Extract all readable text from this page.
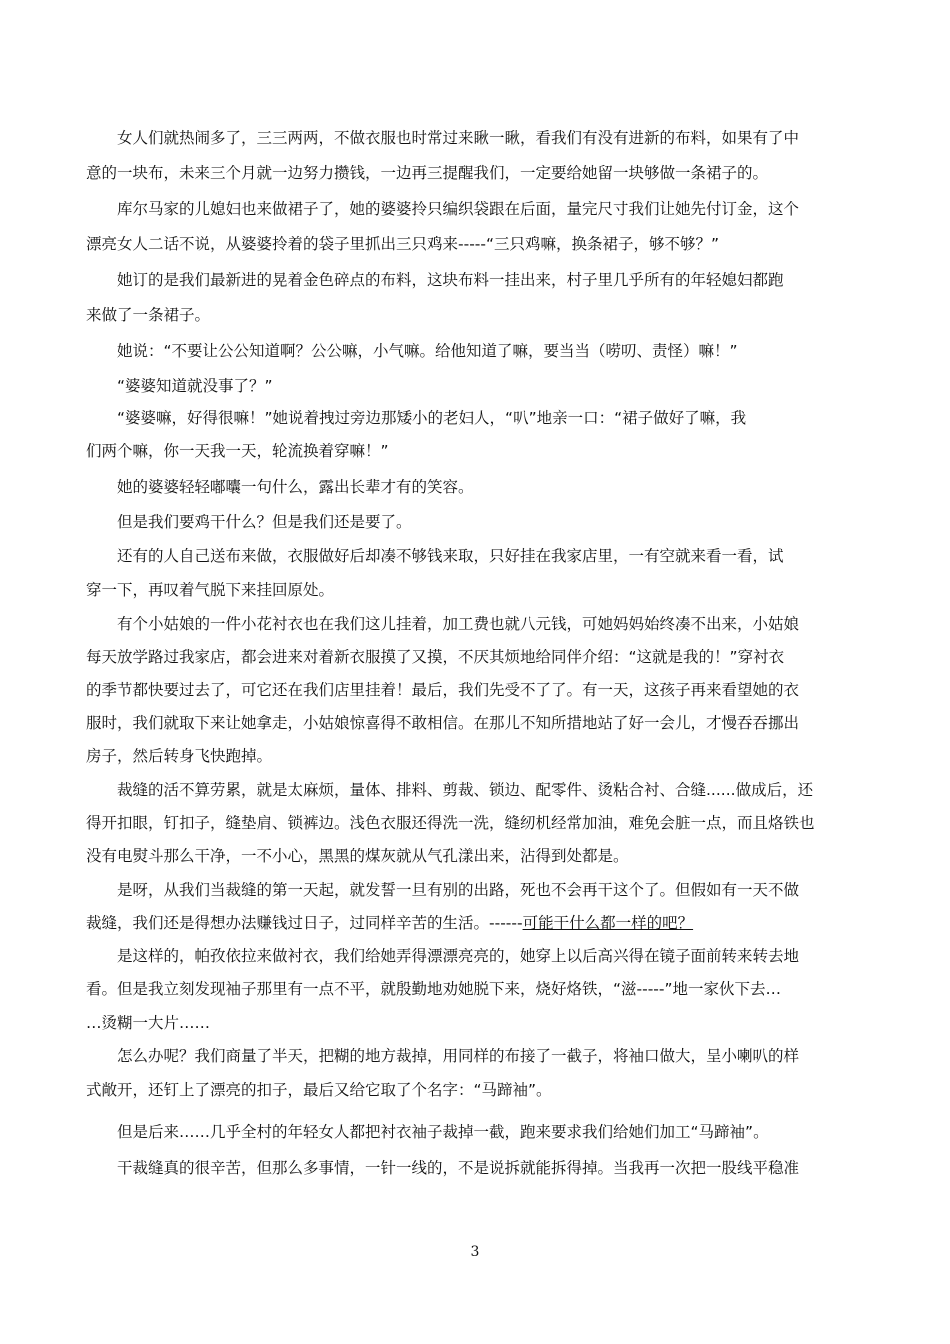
　　女人们就热闹多了，三三两两，不做衣服也时常过来瞅一瞅，看我们有没有进新的布料，如果有了中
意的一块布，未来三个月就一边努力攒钱，一边再三提醒我们，一定要给她留一块够做一条裙子的。
　　库尔马家的儿媳妇也来做裙子了，她的婆婆拎只编织袋跟在后面，量完尺寸我们让她先付订金，这个
漂亮女人二话不说，从婆婆拎着的袋子里抓出三只鸡来-----“三只鸡嘛，换条裙子，够不够？”
　　她订的是我们最新进的晃着金色碎点的布料，这块布料一挂出来，村子里几乎所有的年轻媳妇都跑
来做了一条裙子。
　　她说：“不要让公公知道啊？公公嘛，小气嘛。给他知道了嘛，要当当（唠叨、责怪）嘛！”
　　“婆婆知道就没事了？”
　　“婆婆嘛，好得很嘛！”她说着拽过旁边那矮小的老妇人，“叭”地亲一口：“裙子做好了嘛，我
们两个嘛，你一天我一天，轮流换着穿嘛！”
　　她的婆婆轻轻嘟囔一句什么，露出长辈才有的笑容。
　　但是我们要鸡干什么？但是我们还是要了。
　　还有的人自己送布来做，衣服做好后却凑不够钱来取，只好挂在我家店里，一有空就来看一看，试
穿一下，再叹着气脱下来挂回原处。
　　有个小姑娘的一件小花衬衣也在我们这儿挂着，加工费也就八元钱，可她妈妈始终凑不出来，小姑娘
每天放学路过我家店，都会进来对着新衣服摸了又摸，不厌其烦地给同伴介绍：“这就是我的！”穿衬衣
的季节都快要过去了，可它还在我们店里挂着！最后，我们先受不了了。有一天，这孩子再来看望她的衣
服时，我们就取下来让她拿走，小姑娘惊喜得不敢相信。在那儿不知所措地站了好一会儿，才慢吞吞挪出
房子，然后转身飞快跑掉。
　　裁缝的活不算劳累，就是太麻烦，量体、排料、剪裁、锁边、配零件、烫粘合衬、合缝......做成后，还
得开扣眼，钉扣子，缝垫肩、锁裤边。浅色衣服还得洗一洗，缝纫机经常加油，难免会脏一点，而且烙铁也
没有电熨斗那么干净，一不小心，黑黑的煤灰就从气孔漾出来，沾得到处都是。
　　是呀，从我们当裁缝的第一天起，就发誓一旦有别的出路，死也不会再干这个了。但假如有一天不做
裁缝，我们还是得想办法赚钱过日子，过同样辛苦的生活。------可能干什么都一样的吧？
　　是这样的，帕孜依拉来做衬衣，我们给她弄得漂漂亮亮的，她穿上以后高兴得在镜子面前转来转去地
看。但是我立刻发现袖子那里有一点不平，就殷勤地劝她脱下来，烧好烙铁，“滋-----”地一家伙下去…
…烫糊一大片……
　　怎么办呢？我们商量了半天，把糊的地方裁掉，用同样的布接了一截子，将袖口做大，呈小喇叭的样
式敞开，还钉上了漂亮的扣子，最后又给它取了个名字：“马蹄袖”。
　　但是后来……几乎全村的年轻女人都把衬衣袖子裁掉一截，跑来要求我们给她们加工“马蹄袖”。
　　干裁缝真的很辛苦，但那么多事情，一针一线的，不是说拆就能拆得掉。当我再一次把一股线平稳准
3
